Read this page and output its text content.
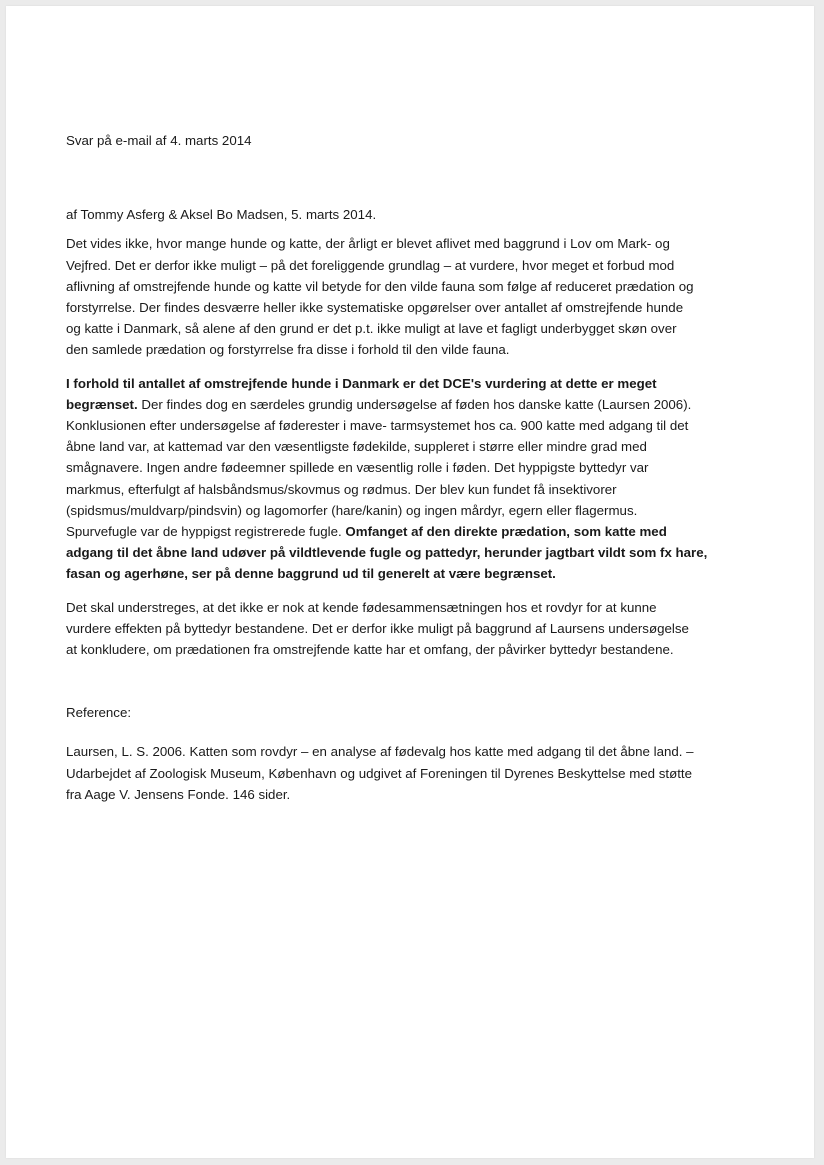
Svar på e-mail af 4. marts 2014
af Tommy Asferg & Aksel Bo Madsen, 5. marts 2014.
Det vides ikke, hvor mange hunde og katte, der årligt er blevet aflivet med baggrund i Lov om Mark- og
Vejfred. Det er derfor ikke muligt – på det foreliggende grundlag – at vurdere, hvor meget et forbud mod
aflivning af omstrejfende hunde og katte vil betyde for den vilde fauna som følge af reduceret prædation og
forstyrrelse. Der findes desværre heller ikke systematiske opgørelser over antallet af omstrejfende hunde
og katte i Danmark, så alene af den grund er det p.t. ikke muligt at lave et fagligt underbygget skøn over
den samlede prædation og forstyrrelse fra disse i forhold til den vilde fauna.
I forhold til antallet af omstrejfende hunde i Danmark er det DCE's vurdering at dette er meget
begrænset. Der findes dog en særdeles grundig undersøgelse af føden hos danske katte (Laursen 2006).
Konklusionen efter undersøgelse af føderester i mave- tarmsystemet hos ca. 900 katte med adgang til det
åbne land var, at kattemad var den væsentligste fødekilde, suppleret i større eller mindre grad med
smågnavere. Ingen andre fødeemner spillede en væsentlig rolle i føden. Det hyppigste byttedyr var
markmus, efterfulgt af halsbåndsmus/skovmus og rødmus. Der blev kun fundet få insektivorer
(spidsmus/muldvarp/pindsvin) og lagomorfer (hare/kanin) og ingen mårdyr, egern eller flagermus.
Spurvefugle var de hyppigst registrerede fugle. Omfanget af den direkte prædation, som katte med
adgang til det åbne land udøver på vildtlevende fugle og pattedyr, herunder jagtbart vildt som fx hare,
fasan og agerhøne, ser på denne baggrund ud til generelt at være begrænset.
Det skal understreges, at det ikke er nok at kende fødesammensætningen hos et rovdyr for at kunne
vurdere effekten på byttedyr bestandene. Det er derfor ikke muligt på baggrund af Laursens undersøgelse
at konkludere, om prædationen fra omstrejfende katte har et omfang, der påvirker byttedyr bestandene.
Reference:
Laursen, L. S. 2006. Katten som rovdyr – en analyse af fødevalg hos katte med adgang til det åbne land. –
Udarbejdet af Zoologisk Museum, København og udgivet af Foreningen til Dyrenes Beskyttelse med støtte
fra Aage V. Jensens Fonde. 146 sider.
